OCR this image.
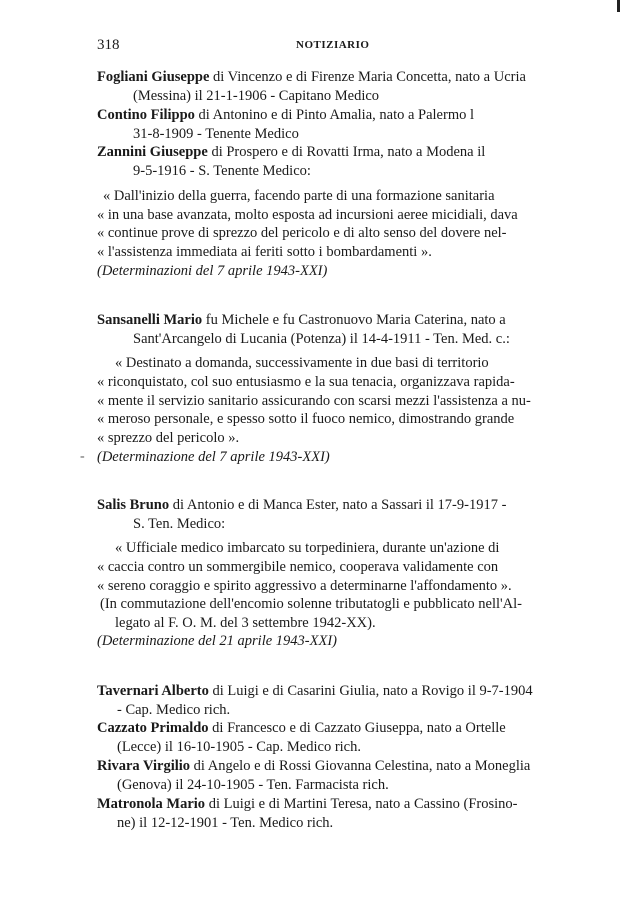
318	NOTIZIARIO
Fogliani Giuseppe di Vincenzo e di Firenze Maria Concetta, nato a Ucria
(Messina) il 21-1-1906 - Capitano Medico
Contino Filippo di Antonino e di Pinto Amalia, nato a Palermo l
31-8-1909 - Tenente Medico
Zannini Giuseppe di Prospero e di Rovatti Irma, nato a Modena il
9-5-1916 - S. Tenente Medico:
« Dall'inizio della guerra, facendo parte di una formazione sanitaria
« in una base avanzata, molto esposta ad incursioni aeree micidiali, dava
« continue prove di sprezzo del pericolo e di alto senso del dovere nel-
« l'assistenza immediata ai feriti sotto i bombardamenti ».
(Determinazioni del 7 aprile 1943-XXI)
Sansanelli Mario fu Michele e fu Castronuovo Maria Caterina, nato a
Sant'Arcangelo di Lucania (Potenza) il 14-4-1911 - Ten. Med. c.:
« Destinato a domanda, successivamente in due basi di territorio
« riconquistato, col suo entusiasmo e la sua tenacia, organizzava rapida-
« mente il servizio sanitario assicurando con scarsi mezzi l'assistenza a nu-
« meroso personale, e spesso sotto il fuoco nemico, dimostrando grande
« sprezzo del pericolo ».
- (Determinazione del 7 aprile 1943-XXI)
Salis Bruno di Antonio e di Manca Ester, nato a Sassari il 17-9-1917 -
S. Ten. Medico:
« Ufficiale medico imbarcato su torpediniera, durante un'azione di
« caccia contro un sommergibile nemico, cooperava validamente con
« sereno coraggio e spirito aggressivo a determinarne l'affondamento ».
(In commutazione dell'encomio solenne tributatogli e pubblicato nell'Al-
legato al F. O. M. del 3 settembre 1942-XX).
(Determinazione del 21 aprile 1943-XXI)
Tavernari Alberto di Luigi e di Casarini Giulia, nato a Rovigo il 9-7-1904
- Cap. Medico rich.
Cazzato Primaldo di Francesco e di Cazzato Giuseppa, nato a Ortelle
(Lecce) il 16-10-1905 - Cap. Medico rich.
Rivara Virgilio di Angelo e di Rossi Giovanna Celestina, nato a Moneglia
(Genova) il 24-10-1905 - Ten. Farmacista rich.
Matronola Mario di Luigi e di Martini Teresa, nato a Cassino (Frosino-
ne) il 12-12-1901 - Ten. Medico rich.
